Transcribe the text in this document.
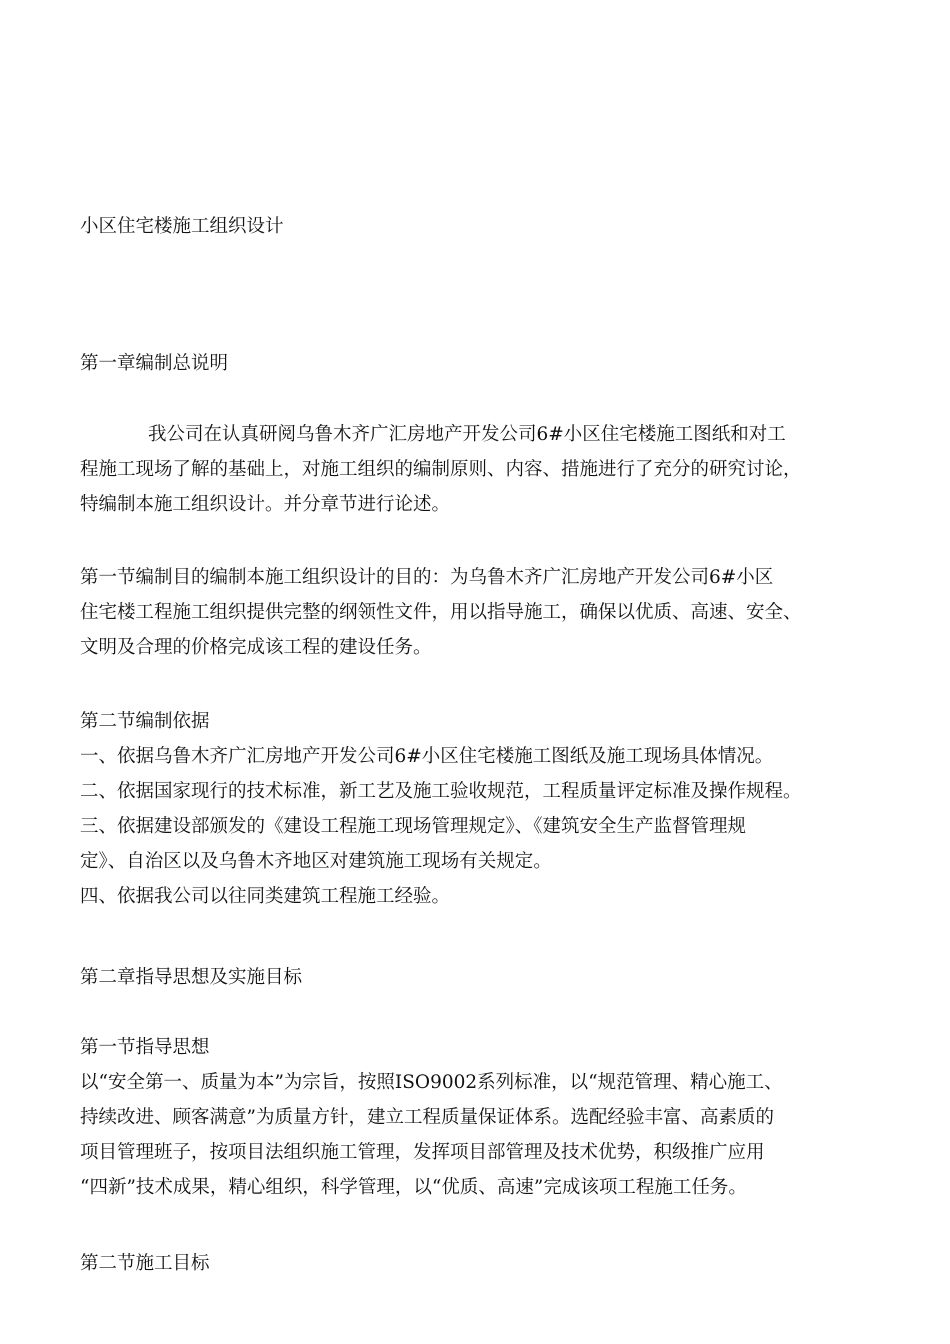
小区住宅楼施工组织设计
第一章编制总说明
我公司在认真研阅乌鲁木齐广汇房地产开发公司6#小区住宅楼施工图纸和对工
程施工现场了解的基础上，对施工组织的编制原则、内容、措施进行了充分的研究讨论，
特编制本施工组织设计。并分章节进行论述。
第一节编制目的编制本施工组织设计的目的：为乌鲁木齐广汇房地产开发公司6#小区
住宅楼工程施工组织提供完整的纲领性文件，用以指导施工，确保以优质、高速、安全、
文明及合理的价格完成该工程的建设任务。
第二节编制依据
一、依据乌鲁木齐广汇房地产开发公司6#小区住宅楼施工图纸及施工现场具体情况。
二、依据国家现行的技术标准，新工艺及施工验收规范，工程质量评定标准及操作规程。
三、依据建设部颁发的《建设工程施工现场管理规定》、《建筑安全生产监督管理规
定》、自治区以及乌鲁木齐地区对建筑施工现场有关规定。
四、依据我公司以往同类建筑工程施工经验。
第二章指导思想及实施目标
第一节指导思想
以“安全第一、质量为本”为宗旨，按照ISO9002系列标准，以“规范管理、精心施工、
持续改进、顾客满意”为质量方针，建立工程质量保证体系。选配经验丰富、高素质的
项目管理班子，按项目法组织施工管理，发挥项目部管理及技术优势，积级推广应用
“四新”技术成果，精心组织，科学管理，以“优质、高速”完成该项工程施工任务。
第二节施工目标
